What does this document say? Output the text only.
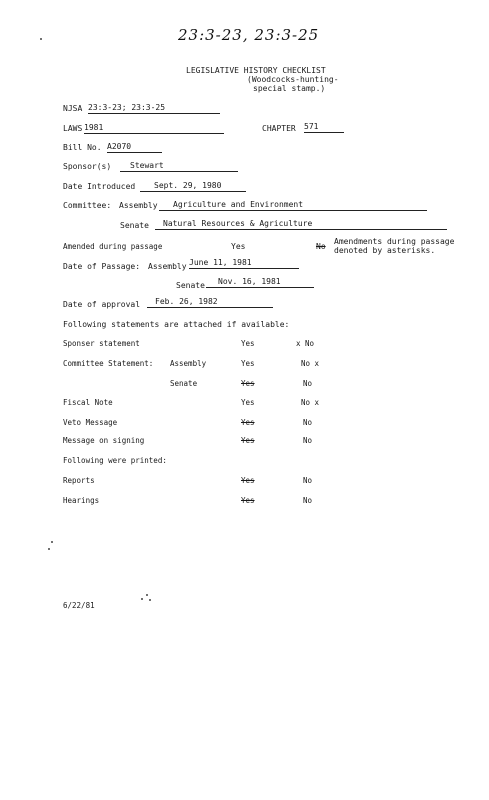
23:3-23, 23:3-25
LEGISLATIVE HISTORY CHECKLIST
(Woodcocks-hunting-
special stamp.)
NJSA 23:3-23; 23:3-25
LAWS 1981	CHAPTER 571
Bill No. A2070
Sponsor(s)	Stewart
Date Introduced	Sept. 29, 1980
Committee: Assembly	Agriculture and Environment
Senate	Natural Resources & Agriculture
Amended during passage	Yes	No
Amendments during passage
denoted by asterisks.
Date of Passage: Assembly June 11, 1981
Senate	Nov. 16, 1981
Date of approval	Feb. 26, 1982
Following statements are attached if available:
Sponser statement	Yes	x No
Committee Statement: Assembly	Yes	No x
Senate	Yes	No
Fiscal Note	Yes	No x
Veto Message	Yes	No
Message on signing	Yes	No
Following were printed:
Reports	Yes	No
Hearings	Yes	No
6/22/81
